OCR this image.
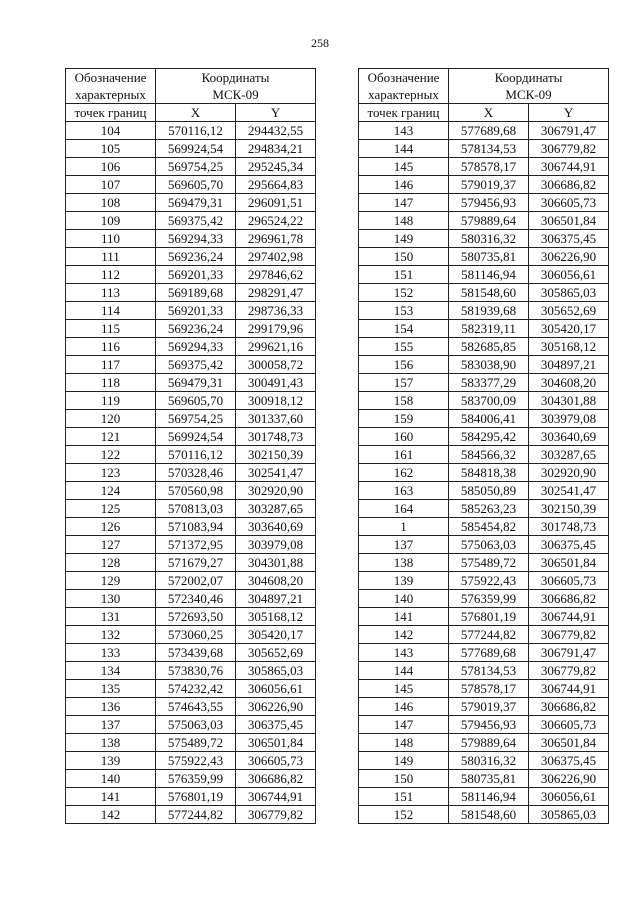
258
Обозначение
характерных	Координаты
МСК-09	

точек границ	X	Y
104	570116,12	294432,55
105	569924,54	294834,21
106	569754,25	295245,34
107	569605,70	295664,83
108	569479,31	296091,51
109	569375,42	296524,22
110	569294,33	296961,78
111	569236,24	297402,98
112	569201,33	297846,62
113	569189,68	298291,47
114	569201,33	298736,33
115	569236,24	299179,96
116	569294,33	299621,16
117	569375,42	300058,72
118	569479,31	300491,43
119	569605,70	300918,12
120	569754,25	301337,60
121	569924,54	301748,73
122	570116,12	302150,39
123	570328,46	302541,47
124	570560,98	302920,90
125	570813,03	303287,65
126	571083,94	303640,69
127	571372,95	303979,08
128	571679,27	304301,88
129	572002,07	304608,20
130	572340,46	304897,21
131	572693,50	305168,12
132	573060,25	305420,17
133	573439,68	305652,69
134	573830,76	305865,03
135	574232,42	306056,61
136	574643,55	306226,90
137	575063,03	306375,45
138	575489,72	306501,84
139	575922,43	306605,73
140	576359,99	306686,82
141	576801,19	306744,91
142	577244,82	306779,82
Обозначение
характерных	Координаты
МСК-09	

точек границ	X	Y
143	577689,68	306791,47
144	578134,53	306779,82
145	578578,17	306744,91
146	579019,37	306686,82
147	579456,93	306605,73
148	579889,64	306501,84
149	580316,32	306375,45
150	580735,81	306226,90
151	581146,94	306056,61
152	581548,60	305865,03
153	581939,68	305652,69
154	582319,11	305420,17
155	582685,85	305168,12
156	583038,90	304897,21
157	583377,29	304608,20
158	583700,09	304301,88
159	584006,41	303979,08
160	584295,42	303640,69
161	584566,32	303287,65
162	584818,38	302920,90
163	585050,89	302541,47
164	585263,23	302150,39
1	585454,82	301748,73
137	575063,03	306375,45
138	575489,72	306501,84
139	575922,43	306605,73
140	576359,99	306686,82
141	576801,19	306744,91
142	577244,82	306779,82
143	577689,68	306791,47
144	578134,53	306779,82
145	578578,17	306744,91
146	579019,37	306686,82
147	579456,93	306605,73
148	579889,64	306501,84
149	580316,32	306375,45
150	580735,81	306226,90
151	581146,94	306056,61
152	581548,60	305865,03
